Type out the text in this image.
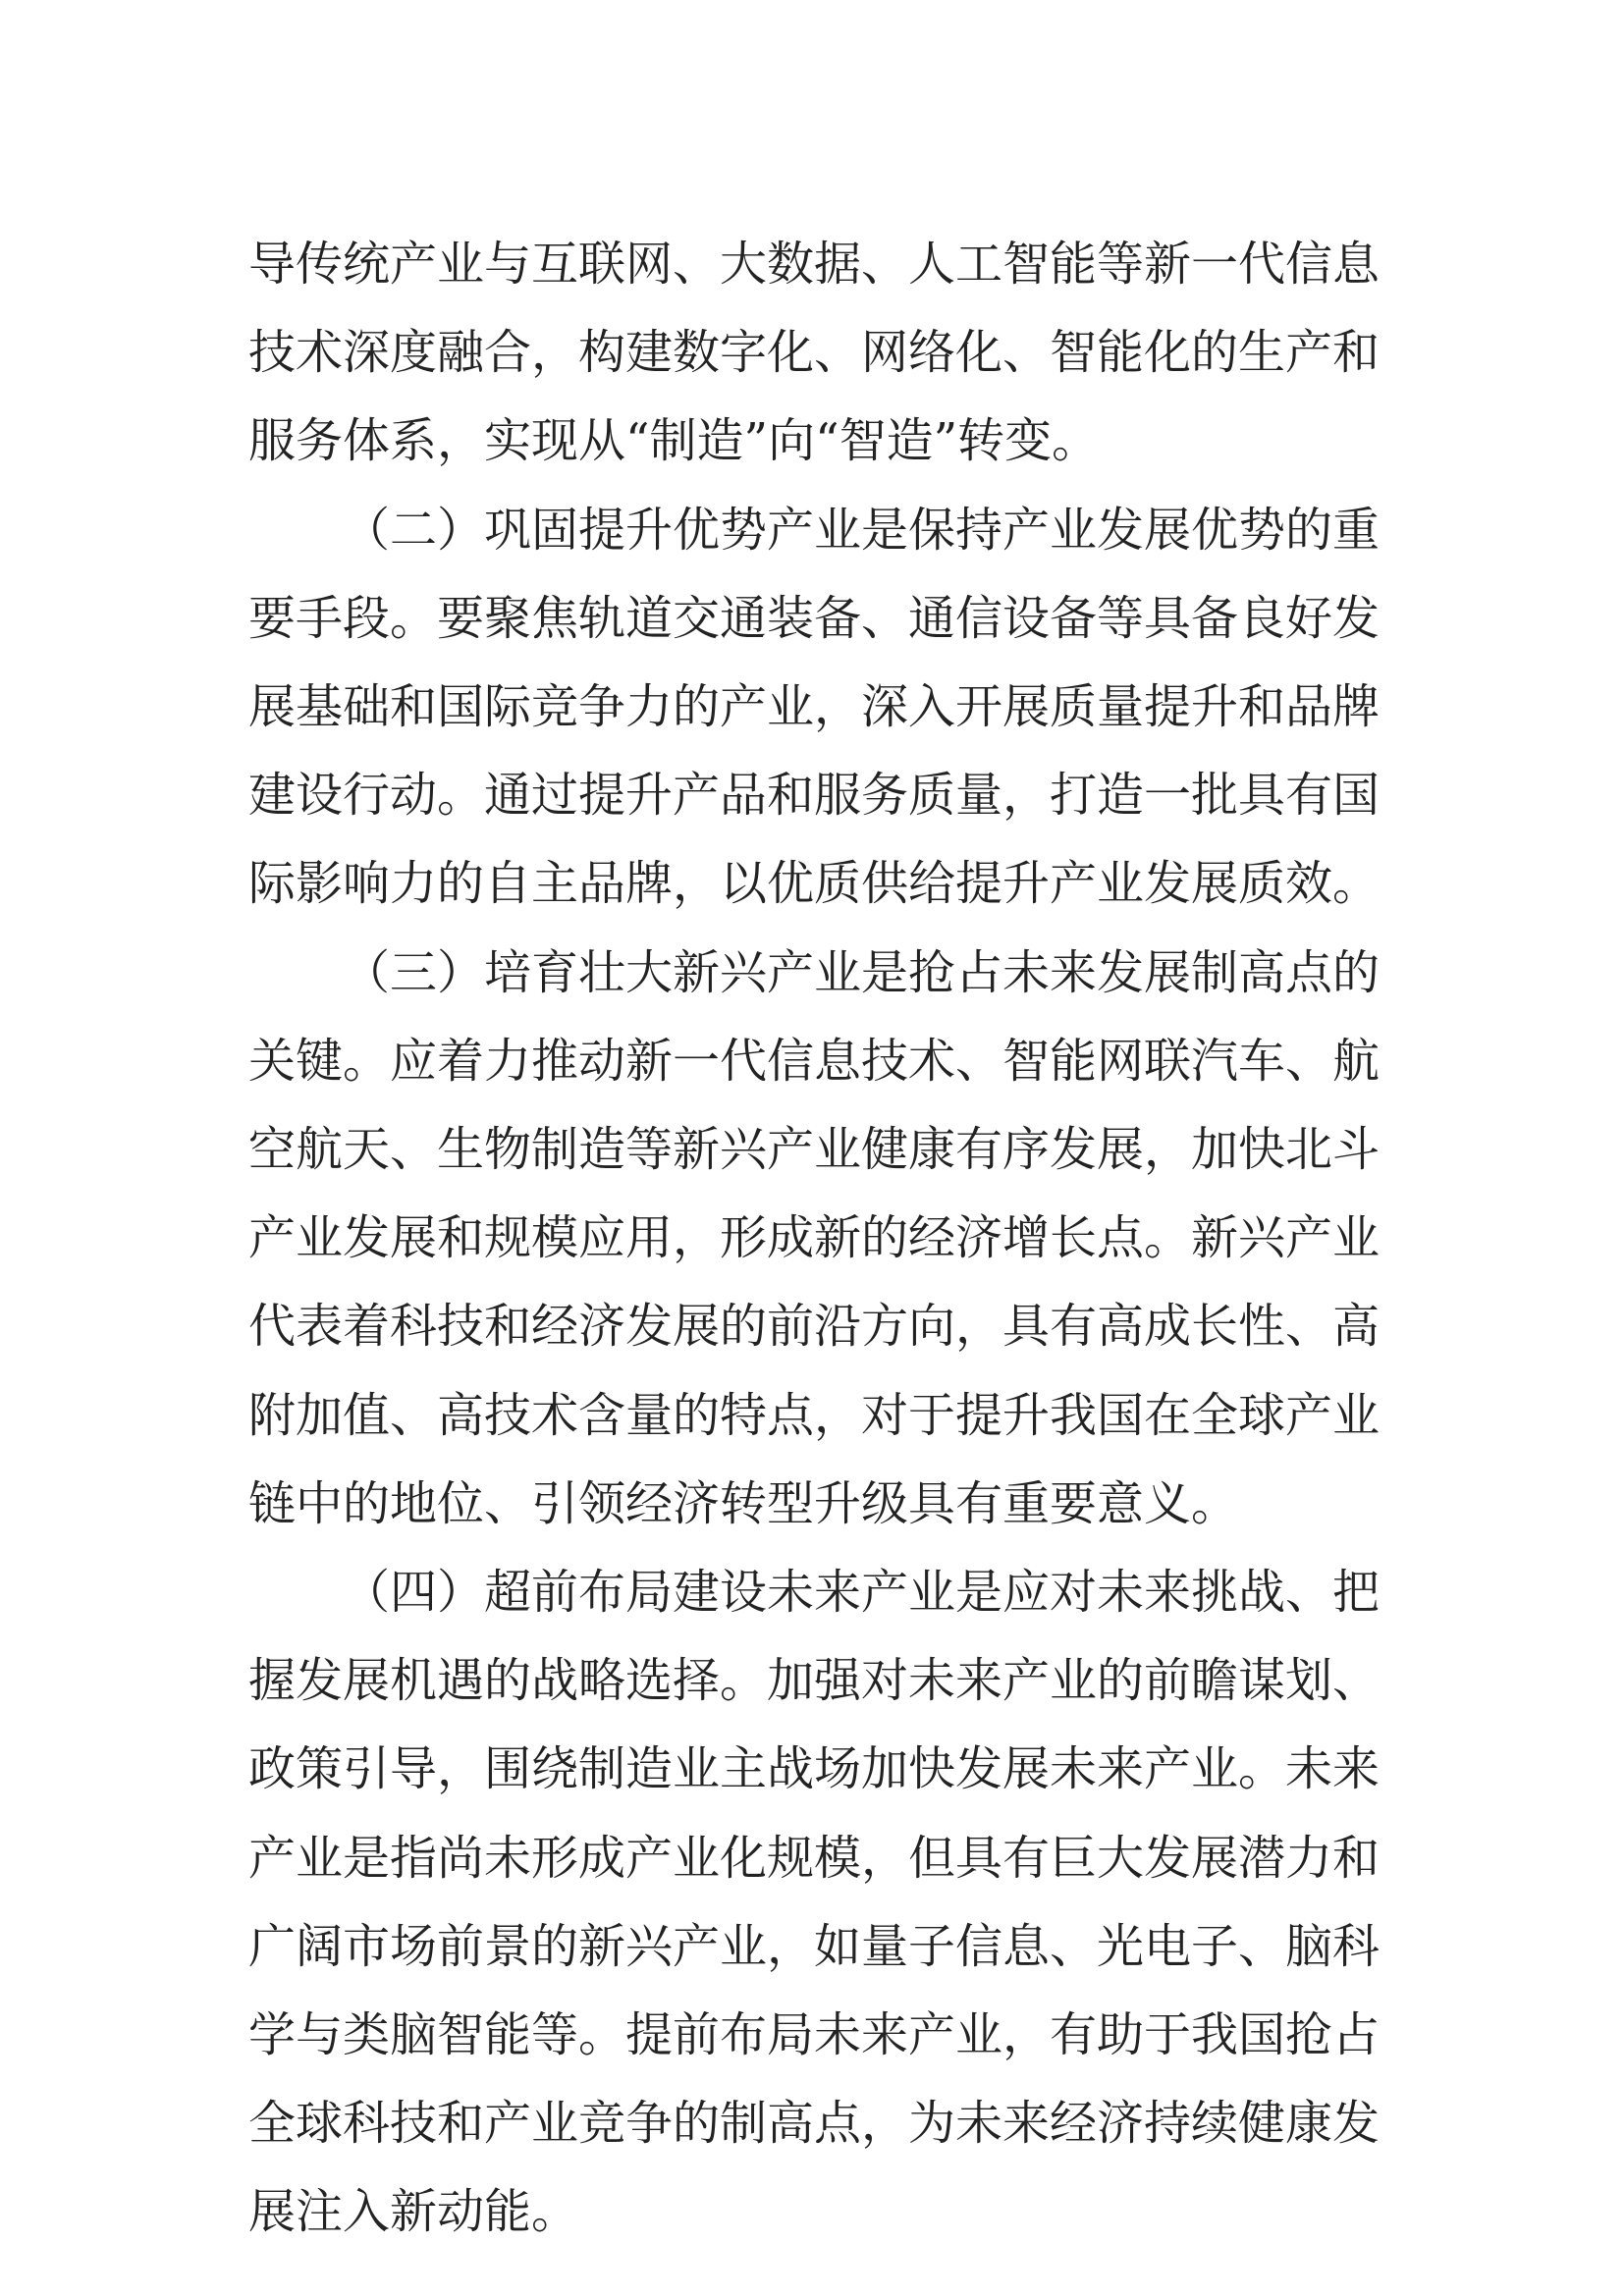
导传统产业与互联网、大数据、人工智能等新一代信息技术深度融合，构建数字化、网络化、智能化的生产和服务体系，实现从“制造”向“智造”转变。

（二）巩固提升优势产业是保持产业发展优势的重要手段。要聚焦轨道交通装备、通信设备等具备良好发展基础和国际竞争力的产业，深入开展质量提升和品牌建设行动。通过提升产品和服务质量，打造一批具有国际影响力的自主品牌，以优质供给提升产业发展质效。

（三）培育壮大新兴产业是抢占未来发展制高点的关键。应着力推动新一代信息技术、智能网联汽车、航空航天、生物制造等新兴产业健康有序发展，加快北斗产业发展和规模应用，形成新的经济增长点。新兴产业代表着科技和经济发展的前沿方向，具有高成长性、高附加值、高技术含量的特点，对于提升我国在全球产业链中的地位、引领经济转型升级具有重要意义。

（四）超前布局建设未来产业是应对未来挑战、把握发展机遇的战略选择。加强对未来产业的前瞻谋划、政策引导，围绕制造业主战场加快发展未来产业。未来产业是指尚未形成产业化规模，但具有巨大发展潜力和广阔市场前景的新兴产业，如量子信息、光电子、脑科学与类脑智能等。提前布局未来产业，有助于我国抢占全球科技和产业竞争的制高点，为未来经济持续健康发展注入新动能。
